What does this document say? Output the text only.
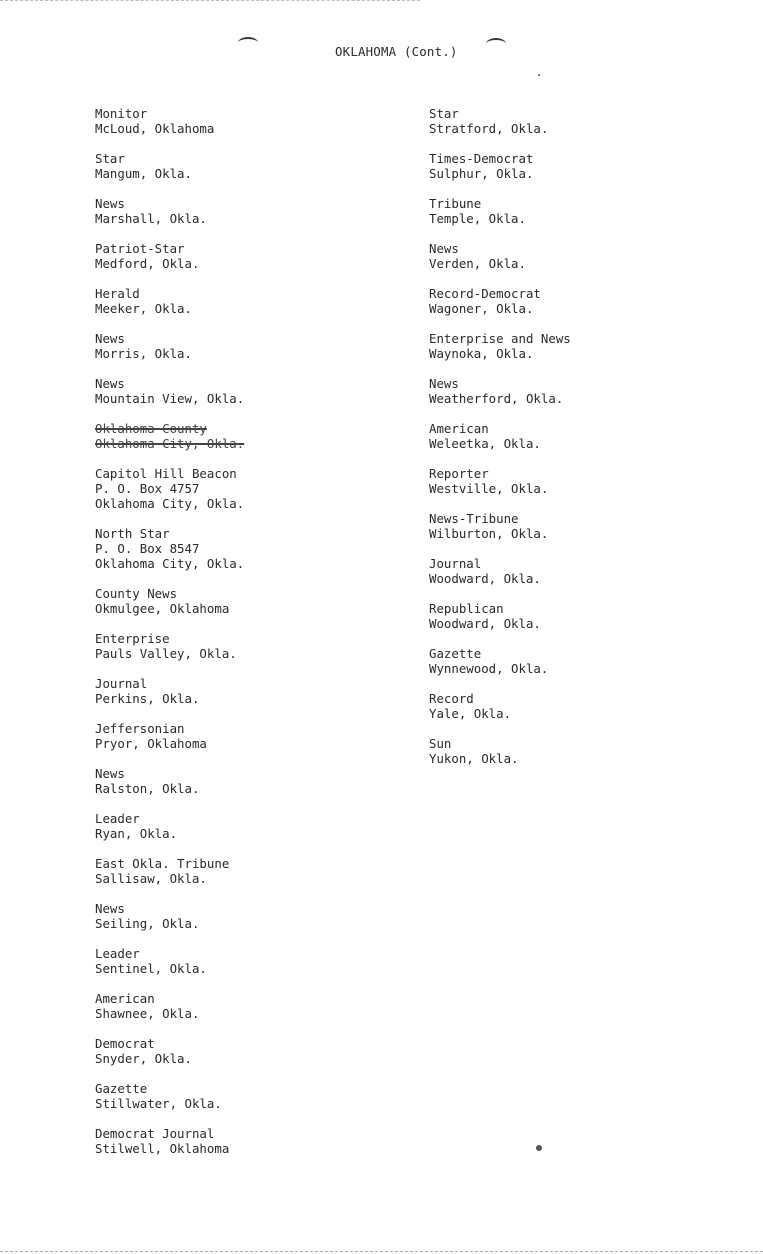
OKLAHOMA (Cont.)
Monitor
McLoud, Oklahoma
Star
Mangum, Okla.
News
Marshall, Okla.
Patriot-Star
Medford, Okla.
Herald
Meeker, Okla.
News
Morris, Okla.
News
Mountain View, Okla.
Oklahoma County
Oklahoma City, Okla.
Capitol Hill Beacon
P. O. Box 4757
Oklahoma City, Okla.
North Star
P. O. Box 8547
Oklahoma City, Okla.
County News
Okmulgee, Oklahoma
Enterprise
Pauls Valley, Okla.
Journal
Perkins, Okla.
Jeffersonian
Pryor, Oklahoma
News
Ralston, Okla.
Leader
Ryan, Okla.
East Okla. Tribune
Sallisaw, Okla.
News
Seiling, Okla.
Leader
Sentinel, Okla.
American
Shawnee, Okla.
Democrat
Snyder, Okla.
Gazette
Stillwater, Okla.
Democrat Journal
Stilwell, Oklahoma
Star
Stratford, Okla.
Times-Democrat
Sulphur, Okla.
Tribune
Temple, Okla.
News
Verden, Okla.
Record-Democrat
Wagoner, Okla.
Enterprise and News
Waynoka, Okla.
News
Weatherford, Okla.
American
Weleetka, Okla.
Reporter
Westville, Okla.
News-Tribune
Wilburton, Okla.
Journal
Woodward, Okla.
Republican
Woodward, Okla.
Gazette
Wynnewood, Okla.
Record
Yale, Okla.
Sun
Yukon, Okla.
